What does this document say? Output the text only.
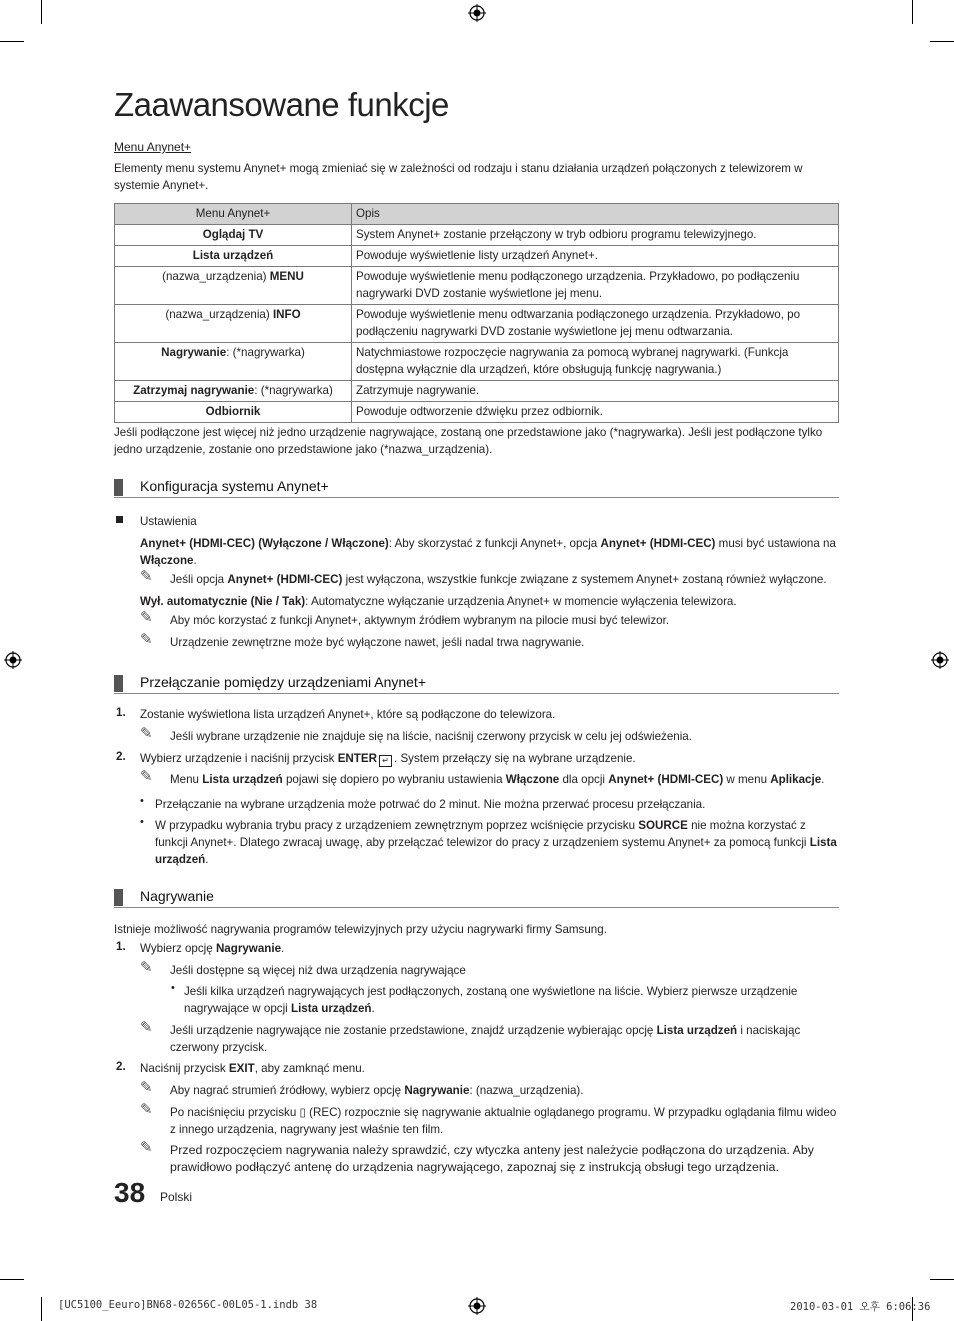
Zaawansowane funkcje
Menu Anynet+
Elementy menu systemu Anynet+ mogą zmieniać się w zależności od rodzaju i stanu działania urządzeń połączonych z telewizorem w systemie Anynet+.
Menu Anynet+	Opis
Oglądaj TV	System Anynet+ zostanie przełączony w tryb odbioru programu telewizyjnego.
Lista urządzeń	Powoduje wyświetlenie listy urządzeń Anynet+.
(nazwa_urządzenia) MENU	Powoduje wyświetlenie menu podłączonego urządzenia. Przykładowo, po podłączeniu nagrywarki DVD zostanie wyświetlone jej menu.
(nazwa_urządzenia) INFO	Powoduje wyświetlenie menu odtwarzania podłączonego urządzenia. Przykładowo, po podłączeniu nagrywarki DVD zostanie wyświetlone jej menu odtwarzania.
Nagrywanie: (*nagrywarka)	Natychmiastowe rozpoczęcie nagrywania za pomocą wybranej nagrywarki. (Funkcja dostępna wyłącznie dla urządzeń, które obsługują funkcję nagrywania.)
Zatrzymaj nagrywanie: (*nagrywarka)	Zatrzymuje nagrywanie.
Odbiornik	Powoduje odtworzenie dźwięku przez odbiornik.
Jeśli podłączone jest więcej niż jedno urządzenie nagrywające, zostaną one przedstawione jako (*nagrywarka). Jeśli jest podłączone tylko jedno urządzenie, zostanie ono przedstawione jako (*nazwa_urządzenia).
Konfiguracja systemu Anynet+
Ustawienia
Anynet+ (HDMI-CEC) (Wyłączone / Włączone): Aby skorzystać z funkcji Anynet+, opcja Anynet+ (HDMI-CEC) musi być ustawiona na Włączone.
✎ Jeśli opcja Anynet+ (HDMI-CEC) jest wyłączona, wszystkie funkcje związane z systemem Anynet+ zostaną również wyłączone.
Wył. automatycznie (Nie / Tak): Automatyczne wyłączanie urządzenia Anynet+ w momencie wyłączenia telewizora.
✎ Aby móc korzystać z funkcji Anynet+, aktywnym źródłem wybranym na pilocie musi być telewizor.
✎ Urządzenie zewnętrzne może być wyłączone nawet, jeśli nadal trwa nagrywanie.
Przełączanie pomiędzy urządzeniami Anynet+
1. Zostanie wyświetlona lista urządzeń Anynet+, które są podłączone do telewizora.
✎ Jeśli wybrane urządzenie nie znajduje się na liście, naciśnij czerwony przycisk w celu jej odświeżenia.
2. Wybierz urządzenie i naciśnij przycisk ENTER ↵ . System przełączy się na wybrane urządzenie.
✎ Menu Lista urządzeń pojawi się dopiero po wybraniu ustawienia Włączone dla opcji Anynet+ (HDMI-CEC) w menu Aplikacje.
• Przełączanie na wybrane urządzenia może potrwać do 2 minut. Nie można przerwać procesu przełączania.
• W przypadku wybrania trybu pracy z urządzeniem zewnętrznym poprzez wciśnięcie przycisku SOURCE nie można korzystać z funkcji Anynet+. Dlatego zwracaj uwagę, aby przełączać telewizor do pracy z urządzeniem systemu Anynet+ za pomocą funkcji Lista urządzeń.
Nagrywanie
Istnieje możliwość nagrywania programów telewizyjnych przy użyciu nagrywarki firmy Samsung.
1. Wybierz opcję Nagrywanie.
✎ Jeśli dostępne są więcej niż dwa urządzenia nagrywające
• Jeśli kilka urządzeń nagrywających jest podłączonych, zostaną one wyświetlone na liście. Wybierz pierwsze urządzenie nagrywające w opcji Lista urządzeń.
✎ Jeśli urządzenie nagrywające nie zostanie przedstawione, znajdź urządzenie wybierając opcję Lista urządzeń i naciskając czerwony przycisk.
2. Naciśnij przycisk EXIT, aby zamknąć menu.
✎ Aby nagrać strumień źródłowy, wybierz opcję Nagrywanie: (nazwa_urządzenia).
✎ Po naciśnięciu przycisku ▯ (REC) rozpocznie się nagrywanie aktualnie oglądanego programu. W przypadku oglądania filmu wideo z innego urządzenia, nagrywany jest właśnie ten film.
✎ Przed rozpoczęciem nagrywania należy sprawdzić, czy wtyczka anteny jest należycie podłączona do urządzenia. Aby prawidłowo podłączyć antenę do urządzenia nagrywającego, zapoznaj się z instrukcją obsługi tego urządzenia.
38 Polski
[UC5100_Eeuro]BN68-02656C-00L05-1.indb 38	2010-03-01 오후 6:06:36
